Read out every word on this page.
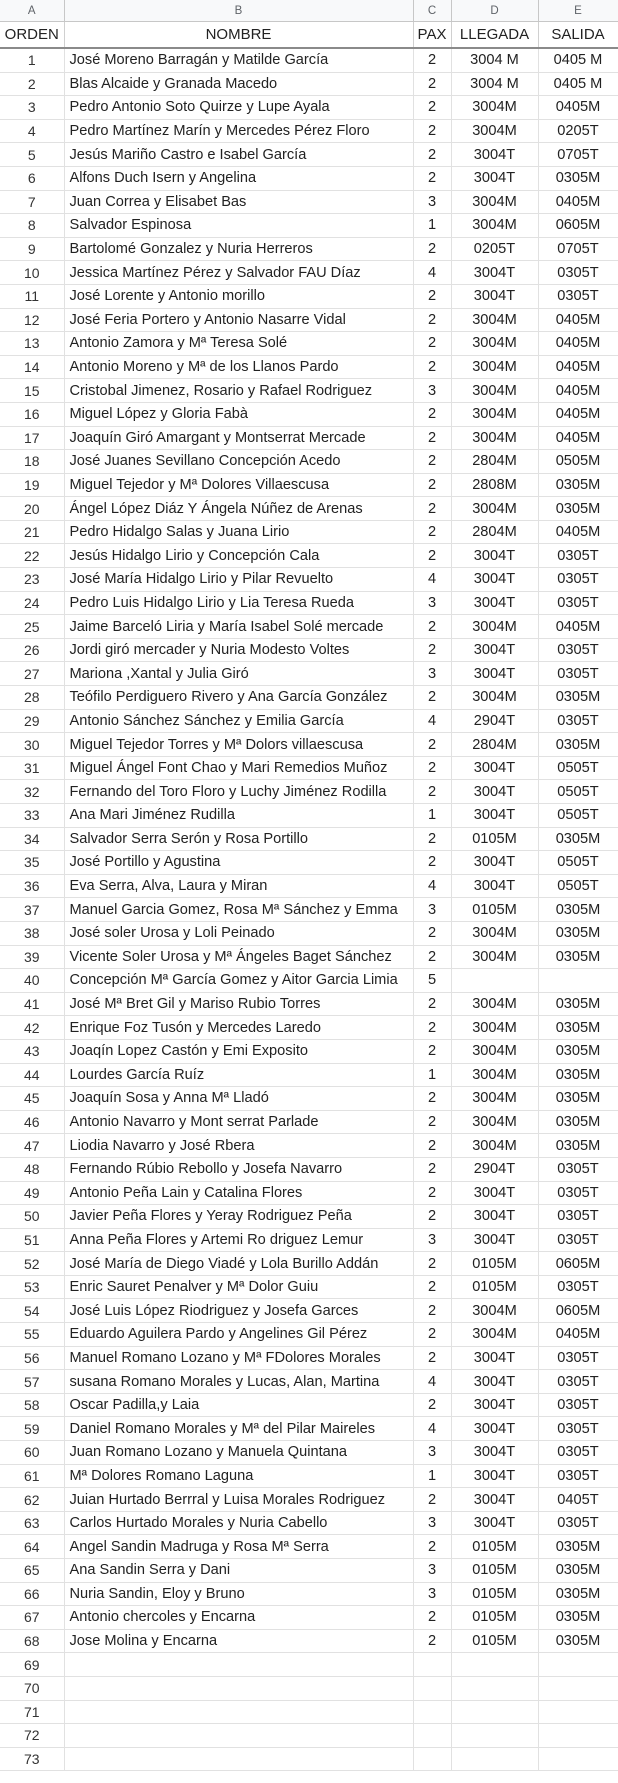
A	B	C	D	E
ORDEN	NOMBRE	PAX	LLEGADA	SALIDA
1	José Moreno Barragán y Matilde García	2	3004 M	0405 M
2	Blas Alcaide y Granada Macedo	2	3004 M	0405 M
3	Pedro Antonio Soto Quirze y Lupe Ayala	2	3004M	0405M
4	Pedro Martínez Marín y Mercedes Pérez Floro	2	3004M	0205T
5	Jesús Mariño Castro e Isabel García	2	3004T	0705T
6	Alfons Duch Isern y Angelina	2	3004T	0305M
7	Juan Correa y Elisabet Bas	3	3004M	0405M
8	Salvador Espinosa	1	3004M	0605M
9	Bartolomé Gonzalez y Nuria Herreros	2	0205T	0705T
10	Jessica Martínez Pérez y Salvador FAU Díaz	4	3004T	0305T
11	José Lorente y Antonio morillo	2	3004T	0305T
12	José Feria Portero y Antonio Nasarre Vidal	2	3004M	0405M
13	Antonio Zamora y Mª Teresa Solé	2	3004M	0405M
14	Antonio Moreno y Mª de los Llanos Pardo	2	3004M	0405M
15	Cristobal Jimenez, Rosario y Rafael Rodriguez	3	3004M	0405M
16	Miguel López y Gloria Fabà	2	3004M	0405M
17	Joaquín Giró Amargant y Montserrat Mercade	2	3004M	0405M
18	José Juanes Sevillano Concepción Acedo	2	2804M	0505M
19	Miguel Tejedor y Mª Dolores Villaescusa	2	2808M	0305M
20	Ángel López Diáz Y Ángela Núñez de Arenas	2	3004M	0305M
21	Pedro Hidalgo Salas y Juana Lirio	2	2804M	0405M
22	Jesús Hidalgo Lirio y Concepción Cala	2	3004T	0305T
23	José María Hidalgo Lirio y Pilar Revuelto	4	3004T	0305T
24	Pedro Luis Hidalgo Lirio y Lia Teresa Rueda	3	3004T	0305T
25	Jaime Barceló Liria y María Isabel Solé mercade	2	3004M	0405M
26	Jordi giró mercader y Nuria Modesto Voltes	2	3004T	0305T
27	Mariona ,Xantal y Julia Giró	3	3004T	0305T
28	Teófilo Perdiguero Rivero y Ana García González	2	3004M	0305M
29	Antonio Sánchez Sánchez y Emilia García	4	2904T	0305T
30	Miguel Tejedor Torres y Mª Dolors villaescusa	2	2804M	0305M
31	Miguel Ángel Font Chao y Mari Remedios Muñoz	2	3004T	0505T
32	Fernando del Toro Floro y Luchy Jiménez Rodilla	2	3004T	0505T
33	Ana Mari Jiménez Rudilla	1	3004T	0505T
34	Salvador Serra Serón y Rosa Portillo	2	0105M	0305M
35	José Portillo y Agustina	2	3004T	0505T
36	Eva Serra, Alva, Laura y Miran	4	3004T	0505T
37	Manuel Garcia Gomez, Rosa Mª Sánchez y Emma	3	0105M	0305M
38	José soler Urosa y Loli Peinado	2	3004M	0305M
39	Vicente Soler Urosa y Mª Ángeles Baget Sánchez	2	3004M	0305M
40	Concepción Mª García Gomez y Aitor Garcia Limia	5		
41	José Mª Bret Gil y Mariso Rubio Torres	2	3004M	0305M
42	Enrique Foz Tusón y Mercedes Laredo	2	3004M	0305M
43	Joaqín Lopez Castón y Emi Exposito	2	3004M	0305M
44	Lourdes García Ruíz	1	3004M	0305M
45	Joaquín Sosa y Anna Mª Lladó	2	3004M	0305M
46	Antonio Navarro y Mont serrat Parlade	2	3004M	0305M
47	Liodia Navarro y José Rbera	2	3004M	0305M
48	Fernando Rúbio Rebollo y Josefa Navarro	2	2904T	0305T
49	Antonio Peña Lain y Catalina Flores	2	3004T	0305T
50	Javier Peña Flores y Yeray Rodriguez Peña	2	3004T	0305T
51	Anna Peña Flores y Artemi Ro driguez Lemur	3	3004T	0305T
52	José María de Diego Viadé y Lola Burillo Addán	2	0105M	0605M
53	Enric Sauret Penalver y Mª Dolor Guiu	2	0105M	0305T
54	José Luis López Riodriguez y Josefa Garces	2	3004M	0605M
55	Eduardo Aguilera Pardo y Angelines Gil Pérez	2	3004M	0405M
56	Manuel Romano Lozano y Mª FDolores Morales	2	3004T	0305T
57	susana Romano Morales y Lucas, Alan, Martina	4	3004T	0305T
58	Oscar Padilla,y Laia	2	3004T	0305T
59	Daniel Romano Morales y Mª del Pilar Maireles	4	3004T	0305T
60	Juan Romano Lozano y Manuela Quintana	3	3004T	0305T
61	Mª Dolores Romano Laguna	1	3004T	0305T
62	Juian Hurtado Berrral y Luisa Morales Rodriguez	2	3004T	0405T
63	Carlos Hurtado Morales y Nuria Cabello	3	3004T	0305T
64	Angel Sandin Madruga y Rosa Mª Serra	2	0105M	0305M
65	Ana Sandin Serra y Dani	3	0105M	0305M
66	Nuria Sandin, Eloy y Bruno	3	0105M	0305M
67	Antonio chercoles y Encarna	2	0105M	0305M
68	Jose Molina y Encarna	2	0105M	0305M
69				
70				
71				
72				
73				
